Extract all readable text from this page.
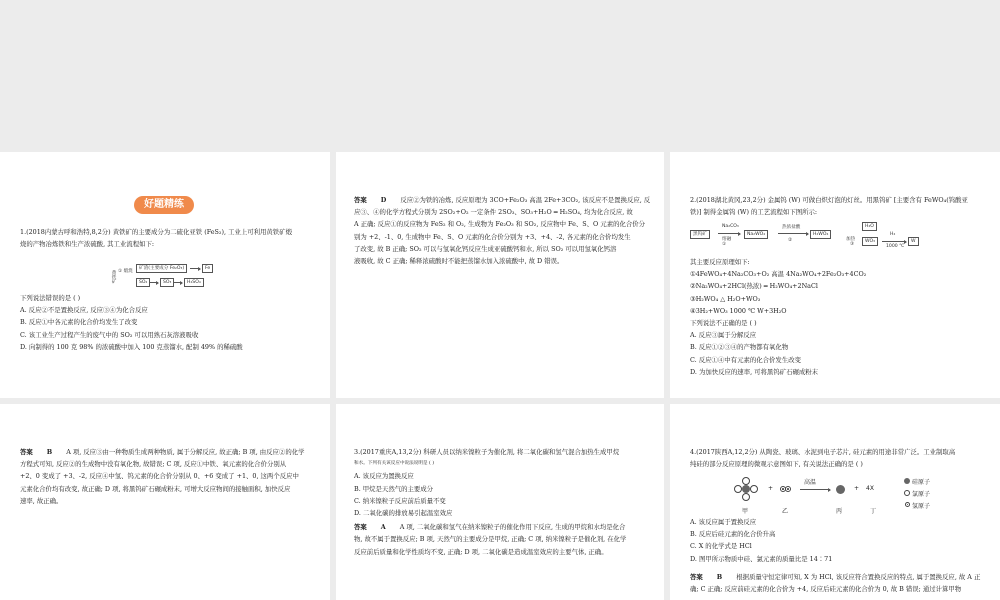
好题精练
1.(2018内蒙古呼和浩特,8,2分) 黄铁矿的主要成分为二硫化亚铁 (FeS₂), 工业上可利用黄铁矿煅
烧的产物冶炼铁和生产浓硫酸, 其工业流程如下:
黄铁矿 ① 煅烧
矿渣(主要成分 Fe₂O₃)	Fe
SO₂	SO₃	H₂SO₄
下列说法错误的是 ( )
A. 反应②不是置换反应, 反应③④为化合反应
B. 反应①中各元素的化合价均发生了改变
C. 该工业生产过程产生的废气中的 SO₂ 可以用熟石灰溶液吸收
D. 向制得的 100 克 98% 的浓硫酸中加入 100 克蒸馏水, 配制 49% 的稀硫酸
答案 D 反应②为铁的冶炼, 反应原理为 3CO+Fe₂O₃ 高温 2Fe+3CO₂, 该反应不是置换反应, 反
应③、④的化学方程式分别为 2SO₂+O₂ 一定条件 2SO₃、SO₃+H₂O ═ H₂SO₄, 均为化合反应, 故
A 正确; 反应①的反应物为 FeS₂ 和 O₂, 生成物为 Fe₂O₃ 和 SO₂, 反应物中 Fe、S、O 元素的化合价分
别为 +2、-1、0, 生成物中 Fe、S、O 元素的化合价分别为 +3、+4、-2, 各元素的化合价均发生
了改变, 故 B 正确; SO₂ 可以与氢氧化钙反应生成亚硫酸钙和水, 所以 SO₂ 可以用氢氧化钙溶
液吸收, 故 C 正确; 稀释浓硫酸时不能把蒸馏水加入浓硫酸中, 故 D 错误。
2.(2018湖北黄冈,23,2分) 金属钨 (W) 可做白炽灯泡的灯丝。用黑钨矿 [主要含有 FeWO₄(钨酸亚
铁)] 制得金属钨 (W) 的工艺流程如下图所示:
黑钨矿
Na₂CO₃
熔融
①
Na₂WO₄
热浓盐酸
②
H₂WO₄
加热
③
H₂O
WO₃
H₂
1000 ℃
W
其主要反应原理如下:
①4FeWO₄+4Na₂CO₃+O₂ 高温 4Na₂WO₄+2Fe₂O₃+4CO₂
②Na₂WO₄+2HCl(热浓) ═ H₂WO₄+2NaCl
③H₂WO₄ △ H₂O+WO₃
④3H₂+WO₃ 1000 ℃ W+3H₂O
下列说法不正确的是 ( )
A. 反应③属于分解反应
B. 反应①②③④的产物都有氧化物
C. 反应①④中有元素的化合价发生改变
D. 为加快反应的速率, 可将黑钨矿石碾成粉末
答案 B A 项, 反应③由一种物质生成两种物质, 属于分解反应, 故正确; B 项, 由反应②的化学
方程式可知, 反应②的生成物中没有氧化物, 故错误; C 项, 反应①中铁、氧元素的化合价分别从
+2、0 变成了 +3、-2, 反应④中氢、钨元素的化合价分别从 0、+6 变成了 +1、0, 这两个反应中
元素化合价均有改变, 故正确; D 项, 将黑钨矿石碾成粉末, 可增大反应物间的接触面积, 加快反应
速率, 故正确。
3.(2017重庆A,13,2分) 科研人员以纳米镍粒子为催化剂, 将二氧化碳和氢气混合加热生成甲烷
和水。下列有关该反应中说法说明是 ( )
A. 该反应为置换反应
B. 甲烷是天然气的主要成分
C. 纳米镍粒子反应前后质量不变
D. 二氧化碳的排放易引起温室效应
答案 A A 项, 二氧化碳和氢气在纳米镍粒子的催化作用下反应, 生成的甲烷和水均是化合
物, 故不属于置换反应; B 项, 天然气的主要成分是甲烷, 正确; C 项, 纳米镍粒子是催化剂, 在化学
反应前后质量和化学性质均不变, 正确; D 项, 二氧化碳是造成温室效应的主要气体, 正确。
4.(2017陕西A,12,2分) 从陶瓷、玻璃、水泥到电子芯片, 硅元素的用途非常广泛。工业制取高
纯硅的部分反应原理的微观示意图如下, 有关说法正确的是 ( )
+
高温
→	+ 4X
甲	乙	丙	丁
硅原子
氯原子
氢原子
A. 该反应属于置换反应
B. 反应后硅元素的化合价升高
C. X 的化学式是 HCl
D. 图甲所示物质中硅、氯元素的质量比是 14∶71
答案 B 根据质量守恒定律可知, X 为 HCl, 该反应符合置换反应的特点, 属于置换反应, 故 A 正
确; C 正确; 反应前硅元素的化合价为 +4, 反应后硅元素的化合价为 0, 故 B 错误; 通过计算甲物
